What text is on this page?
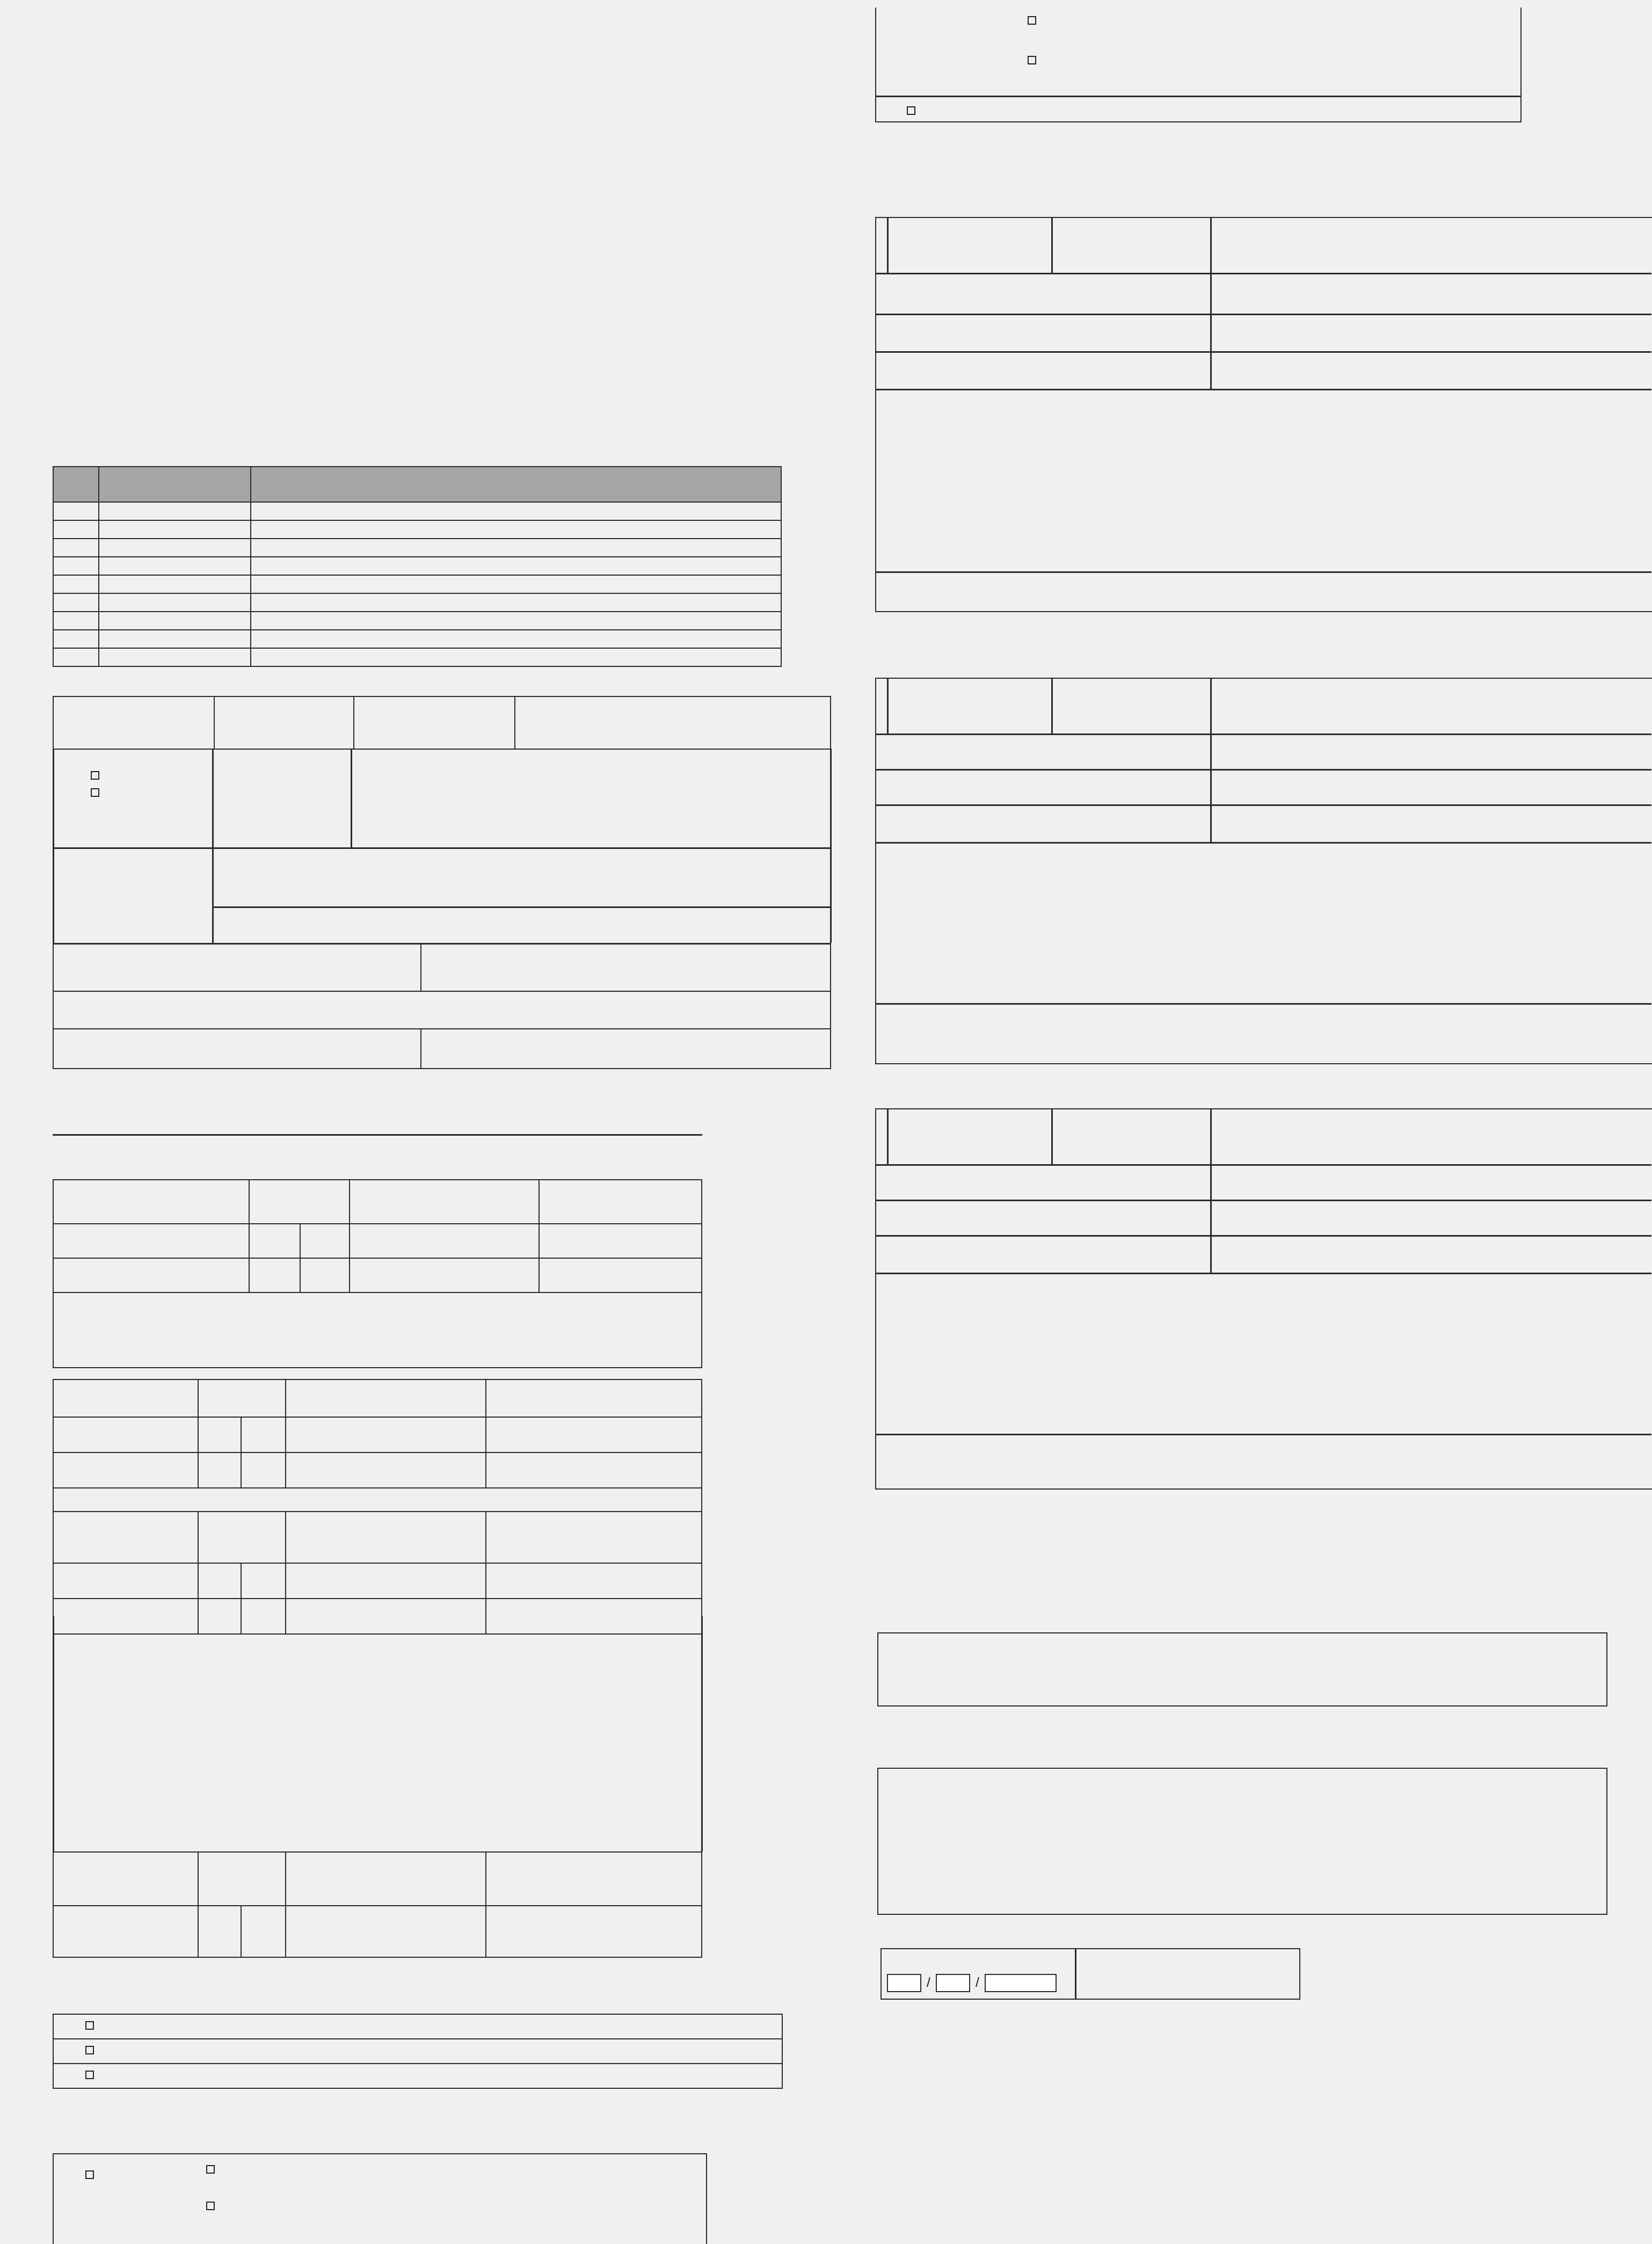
/	/
